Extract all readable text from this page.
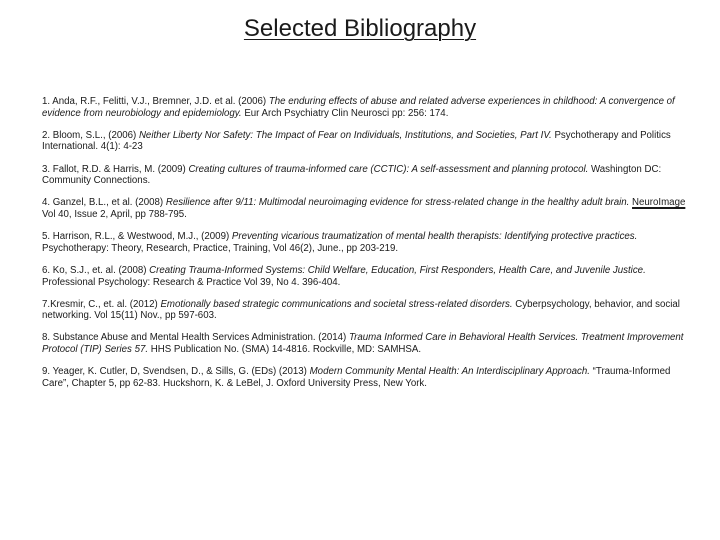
Selected Bibliography
1. Anda, R.F., Felitti, V.J., Bremner, J.D. et al. (2006) The enduring effects of abuse and related adverse experiences in childhood: A convergence of evidence from neurobiology and epidemiology. Eur Arch Psychiatry Clin Neurosci pp: 256: 174.
2. Bloom, S.L., (2006) Neither Liberty Nor Safety: The Impact of Fear on Individuals, Institutions, and Societies, Part IV. Psychotherapy and Politics International. 4(1): 4-23
3. Fallot, R.D. & Harris, M. (2009) Creating cultures of trauma-informed care (CCTIC): A self-assessment and planning protocol. Washington DC: Community Connections.
4. Ganzel, B.L., et al. (2008) Resilience after 9/11: Multimodal neuroimaging evidence for stress-related change in the healthy adult brain. NeuroImage Vol 40, Issue 2, April, pp 788-795.
5. Harrison, R.L., & Westwood, M.J., (2009) Preventing vicarious traumatization of mental health therapists: Identifying protective practices. Psychotherapy: Theory, Research, Practice, Training, Vol 46(2), June., pp 203-219.
6. Ko, S.J., et. al. (2008) Creating Trauma-Informed Systems: Child Welfare, Education, First Responders, Health Care, and Juvenile Justice. Professional Psychology: Research & Practice Vol 39, No 4. 396-404.
7.Kresmir, C., et. al. (2012) Emotionally based strategic communications and societal stress-related disorders. Cyberpsychology, behavior, and social networking. Vol 15(11) Nov., pp 597-603.
8. Substance Abuse and Mental Health Services Administration. (2014) Trauma Informed Care in Behavioral Health Services. Treatment Improvement Protocol (TIP) Series 57. HHS Publication No. (SMA) 14-4816. Rockville, MD: SAMHSA.
9. Yeager, K. Cutler, D, Svendsen, D., & Sills, G. (EDs) (2013) Modern Community Mental Health: An Interdisciplinary Approach. “Trauma-Informed Care”, Chapter 5, pp 62-83. Huckshorn, K. & LeBel, J. Oxford University Press, New York.
